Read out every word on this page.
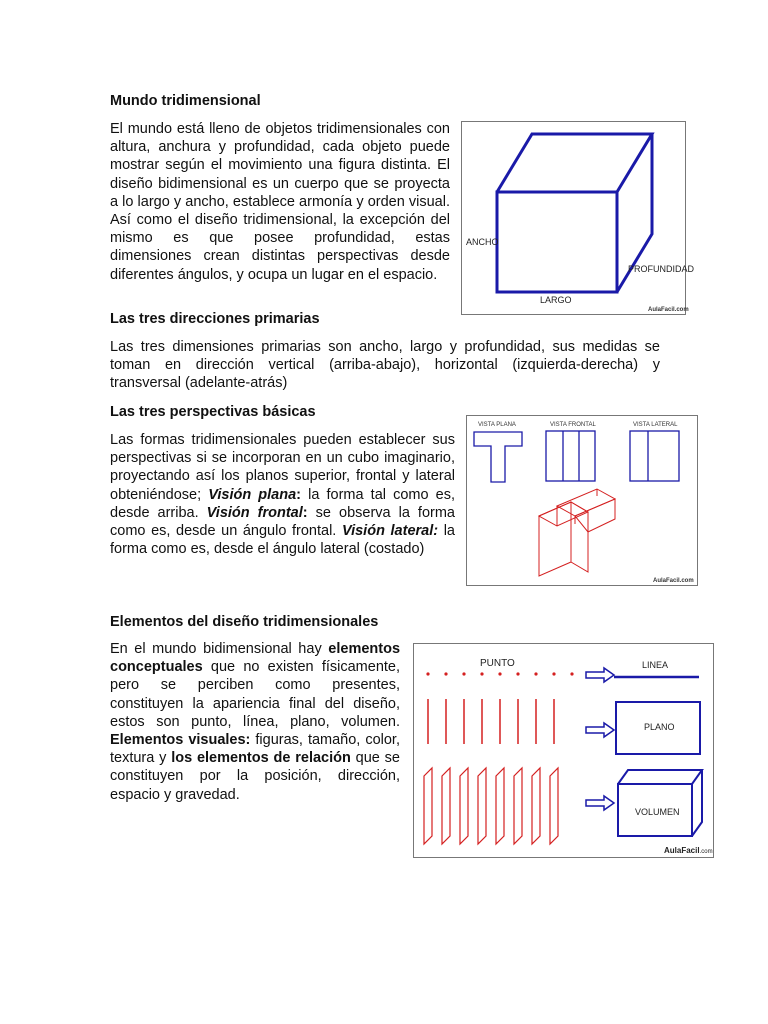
Mundo tridimensional

El mundo está lleno de objetos tridimensionales con altura, anchura y profundidad, cada objeto puede mostrar según el movimiento una figura distinta. El diseño bidimensional es un cuerpo que se proyecta a lo largo y ancho, establece armonía y orden visual. Así como el diseño tridimensional, la excepción del mismo es que posee profundidad, estas dimensiones crean distintas perspectivas desde diferentes ángulos, y ocupa un lugar en el espacio.

ANCHO
PROFUNDIDAD
LARGO
AulaFacil.com
Las tres direcciones primarias

Las tres dimensiones primarias son ancho, largo y profundidad, sus medidas se toman en dirección vertical (arriba-abajo), horizontal (izquierda-derecha) y transversal (adelante-atrás)

Las tres perspectivas básicas

Las formas tridimensionales pueden establecer sus perspectivas si se incorporan en un cubo imaginario, proyectando así los planos superior, frontal y lateral obteniéndose; Visión plana: la forma tal como es, desde arriba. Visión frontal: se observa la forma como es, desde un ángulo frontal. Visión lateral: la forma como es, desde el ángulo lateral (costado)

VISTA PLANA	VISTA FRONTAL	VISTA LATERAL
AulaFacil.com
Elementos del diseño tridimensionales

En el mundo bidimensional hay elementos conceptuales que no existen físicamente, pero se perciben como presentes, constituyen la apariencia final del diseño, estos son punto, línea, plano, volumen. Elementos visuales: figuras, tamaño, color, textura y los elementos de relación que se constituyen por la posición, dirección, espacio y gravedad.

PUNTO	LINEA
PLANO
VOLUMEN
AulaFacil.com
